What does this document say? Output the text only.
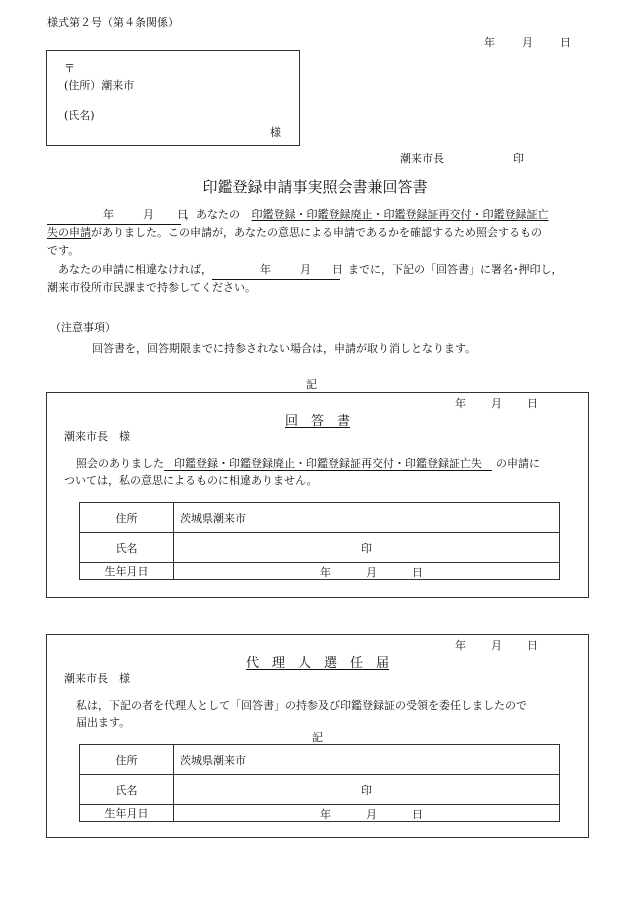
様式第２号（第４条関係）
年 月 日
〒
(住所）潮来市
(氏名)
様
潮来市長	印
印鑑登録申請事実照会書兼回答書
年	月 日
，あなたの 印鑑登録・印鑑登録廃止・印鑑登録証再交付・印鑑登録証亡
失の申請がありました。この申請が，あなたの意思による申請であるかを確認するため照会するもの
です。
あなたの申請に相違なければ，	年	月 日 までに，下記の「回答書」に署名･押印し，
潮来市役所市民課まで持参してください。
（注意事項）
回答書を，回答期限までに持参されない場合は，申請が取り消しとなります。
記
年 月 日
回　答　書
潮来市長　様
照会のありました 印鑑登録・印鑑登録廃止・印鑑登録証再交付・印鑑登録証亡失 の申請に
ついては，私の意思によるものに相違ありません。
住所	茨城県潮来市
氏名	印
生年月日	年 月 日
年 月 日
代　理　人　選　任　届
潮来市長　様
私は，下記の者を代理人として「回答書」の持参及び印鑑登録証の受領を委任しましたので
届出ます。
記
住所	茨城県潮来市
氏名	印
生年月日	年 月 日
